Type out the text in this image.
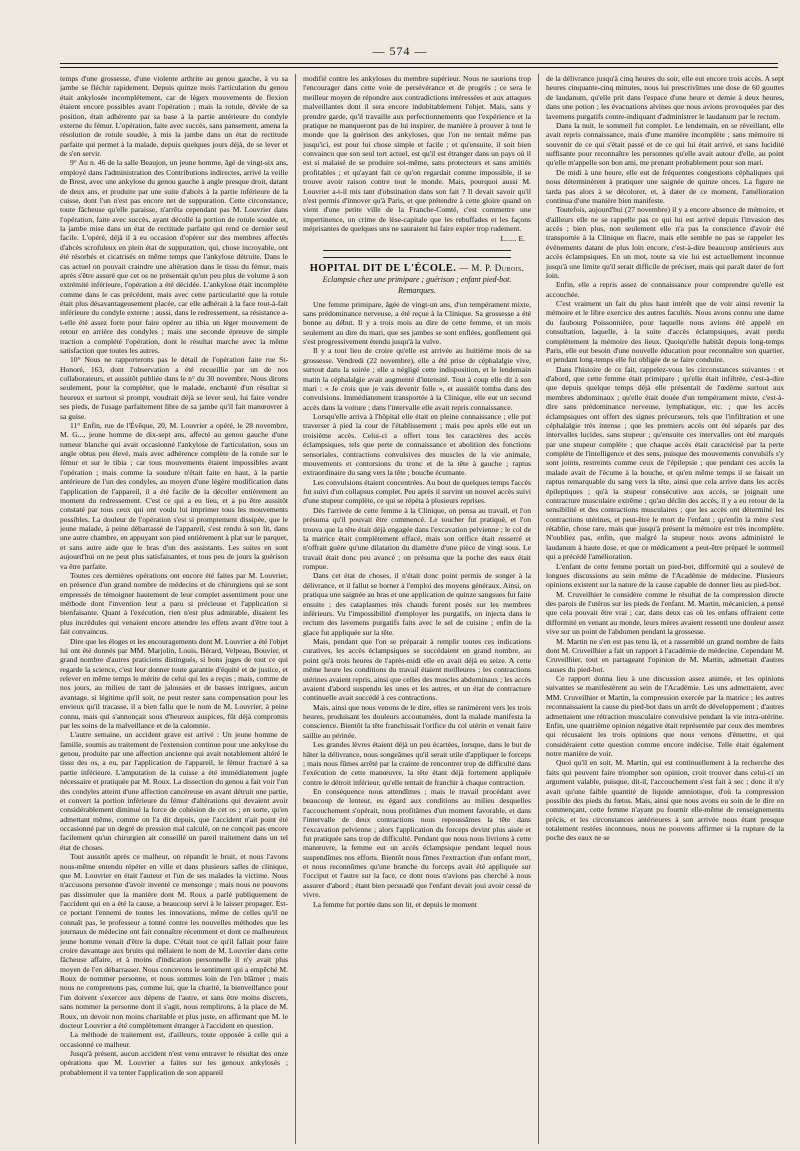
— 574 —

temps d'une grossesse, d'une violente arthrite au genou gauche, à vu sa jambe se fléchir rapidement. Depuis quinze mois l'articulation du genou était ankylosée incomplétement, car de légers mouvements de flexion étaient encore possibles avant l'opération ; mais la rotule, déviée de sa position, était adhérente par sa base à la partie antérieure du condyle externe du fémur. L'opération, faite avec succès, sans pansement, amena la résolution de rotule soudée, à mis la jambe dans un état de rectitude parfaite qui permet à la malade, depuis quelques jours déjà, de se lever et de s'en servir.

9° Au n. 46 de la salle Beaujon, un jeune homme, âgé de vingt-six ans, employé dans l'administration des Contributions indirectes, arrivé la veille de Brest, avec une ankylose du genou gauche à angle presque droit, datant de deux ans, et produite par une suite d'abcès à la partie inférieure de la cuisse, dont l'un n'est pas encore net de suppuration. Cette circonstance, toute fâcheuse qu'elle paraisse, n'arrêta cependant pas M. Louvrier dans l'opération, faite avec succès, ayant décollé la portion de rotule soudée et, la jambe mise dans un état de rectitude parfaite qui rend ce dernier seul facile. L'opéré, déjà il à eu occasion d'opérer sur des membres affectés d'abcès scrofuleux en plein état de suppuration, qui, chose incroyable, ont été résorbés et cicatrisés en même temps que l'ankylose détruite. Dans le cas actuel on pouvait craindre une altération dans le tissu du fémur, mais après s'être assuré que cet os ne présentait qu'un peu plus de volume à son extrémité inférieure, l'opération a été décidée. L'ankylose était incomplète comme dans le cas précédent, mais avec cette particularité que la rotule était plus désavantageusement placée, car elle adhérait à la face tout-à-fait inférieure du condyle externe : aussi, dans le redressement, sa résistance a-t-elle été assez forte pour faire opérer au tibia un léger mouvement de retour en arrière des condyles ; mais une seconde épreuve de simple traction a complété l'opération, dont le résultat marche avec la même satisfaction que toutes les autres.

10° Nous ne rapporterons pas le détail de l'opération faite rue St-Honoré, 163, dont l'observation a été recueillie par un de nos collaborateurs, et aussitôt publiée dans le n° du 30 novembre. Nous dirons seulement, pour la compléter, que le malade, enchanté d'un résultat si heureux et surtout si prompt, voudrait déjà se lever seul, lui faire vendre ses pieds, de l'usage parfaitement libre de sa jambe qu'il fait manœuvrer à sa guise.

11° Enfin, rue de l'Évêque, 20, M. Louvrier a opéré, le 28 novembre, M. G..., jeune homme de dix-sept ans, affecté au genou gauche d'une tumeur blanche qui avait occasionné l'ankylose de l'articulation, sous un angle obtus peu élevé, mais avec adhérence complète de la rotule sur le fémur et sur le tibia ; car tous mouvements étaient impossibles avant l'opération ; mais comme la soudure n'était faite en haut, à la partie antérieure de l'un des condyles, au moyen d'une légère modification dans l'application de l'appareil, il a été facile de la décoller entièrement au moment du redressement. C'est ce qui a eu lieu, et a pu être aussitôt constaté par tous ceux qui ont voulu lui imprimer tous les mouvements possibles. La douleur de l'opération s'est si promptement dissipée, que le jeune malade, à peine débarrassé de l'appareil, s'est rendu à son lit, dans une autre chambre, en appuyant son pied entièrement à plat sur le parquet, et sans autre aide que le bras d'un des assistants. Les suites en sont aujourd'hui on ne peut plus satisfaisantes, et tous peu de jours la guérison va être parfaite.

Toutes ces dernières opérations ont encore été faites par M. Louvrier, en présence d'un grand nombre de médecins et de chirurgiens qui se sont empressés de témoigner hautement de leur complet assentiment pour une méthode dont l'invention leur a paru si précieuse et l'application si bienfaisante. Quant à l'exécution, rien n'est plus admirable, disaient les plus incrédules qui venaient encore attendre les effets avant d'être tout à fait convaincus.

Dire que les éloges et les encouragements dont M. Louvrier a été l'objet lui ont été donnés par MM. Marjolin, Louis, Bérard, Velpeau, Bouvier, et grand nombre d'autres praticiens distingués, si bons juges de tout ce qui regarde la science, c'est leur donner toute garantie d'équité et de justice, et relever en même temps le mérite de celui qui les a reçus ; mais, comme de nos jours, au milieu de tant de jalousies et de basses intrigues, aucun avantage, si légitime qu'il soit, ne peut rester sans compensation pour les envieux qu'il tracasse, il a bien fallu que le nom de M. Louvrier, à peine connu, mais qui s'annonçait sous d'heureux auspices, fût déjà compromis par les soins de la malveillance et de la calomnie.

L'autre semaine, un accident grave est arrivé : Un jeune homme de famille, soumis au traitement de l'extension continue pour une ankylose du genou, produite par une affection ancienne qui avait notablement altéré le tissu des os, a eu, par l'application de l'appareil, le fémur fracturé à sa partie inférieure. L'amputation de la cuisse a été immédiatement jugée nécessaire et pratiquée par M. Roux. La dissection du genou a fait voir l'un des condyles atteint d'une affection cancéreuse en avant détruit une partie, et convert la portion inférieure du fémur d'altérations qui devaient avoir considérablement diminué la force de cohésion de cet os ; en sorte, qu'en admettant même, comme on l'a dit depuis, que l'accident n'ait point été occasionné par un degré de pression mal calculé, on ne conçoit pas encore facilement qu'un chirurgien ait conseillé un pareil traitement dans un tel état de choses.

Tout aussitôt après ce malheur, on répandit le bruit, et nous l'avons nous-même entendu répéter en ville et dans plusieurs salles de clinique, que M. Louvrier en était l'auteur et l'un de ses malades la victime. Nous n'accusons personne d'avoir inventé ce mensonge ; mais nous ne pouvons pas dissimuler que la manière dont M. Roux a parlé publiquement de l'accident qui en a été la cause, a beaucoup servi à le laisser propager. Est-ce portant l'ennemi de toutes les innovations, même de celles qu'il ne connaît pas, le professeur a tonné contre les nouvelles méthodes que les journaux de médecine ont fait connaître récemment et dont ce malheureux jeune homme venait d'être la dupe. C'était tout ce qu'il fallait pour faire croire davantage aux bruits qui mêlaient le nom de M. Louvrier dans cette fâcheuse affaire, et à moins d'indication personnelle il n'y avait plus moyen de l'en débarrasser. Nous concevons le sentiment qui a empêché M. Roux de nommer personne, et nous sommes loin de l'en blâmer ; mais nous ne comprenons pas, comme lui, que la charité, la bienveillance pour l'un doivent s'exercer aux dépens de l'autre, et sans être moins discrets, sans nommer la personne dont il s'agit, nous remplirons, à la place de M. Roux, un devoir non moins charitable et plus juste, en affirmant que M. le docteur Louvrier a été complètement étranger à l'accident en question.

La méthode de traitement est, d'ailleurs, toute opposée à celle qui a occasionné ce malheur.

Jusqu'à présent, aucun accident n'est venu entraver le résultat des onze opérations que M. Louvrier a faites sur les genoux ankylosés ; probablement il va tenter l'application de son appareil

modifié contre les ankyloses du membre supérieur. Nous ne saurions trop l'encourager dans cette voie de persévérance et de progrès ; ce sera le meilleur moyen de répondre aux contradictions intéressées et aux attaques malveillantes dont il sera encore indubitablement l'objet. Mais, sans y prendre garde, qu'il travaille aux perfectionnements que l'expérience et la pratique ne manqueront pas de lui inspirer, de manière à prouver à tout le monde que la guérison des ankyloses, que l'on ne tentait même pas jusqu'ici, est pour lui chose simple et facile ; et qu'ensuite, il soit bien convaincu que son seul tort actuel, est qu'il est étranger dans un pays où il est si malaisé de se produire soi-même, sans protecteurs et sans amitiés profitables ; et qu'ayant fait ce qu'on regardait comme impossible, il se trouve avoir raison contre tout le monde. Mais, pourquoi aussi M. Louvrier a-t-il mis tant d'obstination dans son fait ? Il devait savoir qu'il n'est permis d'innover qu'à Paris, et que prétendre à cette gloire quand on vient d'une petite ville de la Franche-Comté, c'est commettre une impertinence, un crime de lèse-capitale que les rebuffades et les façons méprisantes de quelques uns ne sauraient lui faire expier trop rudement.

L...... E.
HOPITAL DIT DE L'ÉCOLE. — M. P. Dubois.
Eclampsie chez une primipare ; guérison ; enfant pied-bot.
Remarques.

Une femme primipare, âgée de vingt-un ans, d'un tempérament mixte, sans prédominance nerveuse, a été reçue à la Clinique. Sa grossesse a été bonne au début. Il y a trois mois au dire de cette femme, et un mois seulement au dire du mari, que ses jambes se sont enflées, gonflement qui s'est progressivement étendu jusqu'à la vulve.

Il y a tout lieu de croire qu'elle est arrivée au huitième mois de sa grossesse. Vendredi (22 novembre), elle a été prise de céphalalgie vive, surtout dans la soirée ; elle a négligé cette indisposition, et le lendemain matin la céphalalgie avait augmenté d'intensité. Tout à coup elle dit à son mari : « Je crois que je vais devenir folle », et aussitôt tomba dans des convulsions. Immédiatement transportée à la Clinique, elle eut un second accès dans la voiture ; dans l'intervalle elle avait repris connaissance.

Lorsqu'elle arriva à l'hôpital elle était en pleine connaissance ; elle put traverser à pied la cour de l'établissement ; mais peu après elle eut un troisième accès. Celui-ci a offert tous les caractères des accès éclampsiques, tels que perte de connaissance et abolition des fonctions sensoriales, contractions convulsives des muscles de la vie animale, mouvements et contorsions du tronc et de la tête à gauche ; raptus extraordinaire du sang vers la tête ; bouche écumante.

Les convulsions étaient concentrées. Au bout de quelques temps l'accès fut suivi d'un collapsus complet. Peu après il survint un nouvel accès suivi d'une stupeur complète, ce qui se répéta à plusieurs reprises.

Dès l'arrivée de cette femme à la Clinique, on pensa au travail, et l'on présuma qu'il pouvait être commencé. Le toucher fut pratiqué, et l'on trouva que la tête était déjà engagée dans l'excavation pelvienne ; le col de la matrice était complètement effacé, mais son orifice était resserré et n'offrait guère qu'une dilatation du diamètre d'une pièce de vingt sous. Le travail était donc peu avancé ; on présuma que la poche des eaux était rompue.

Dans cet état de choses, il n'était donc point permis de songer à la délivrance, et il fallut se borner à l'emploi des moyens généraux. Ainsi, on pratiqua une saignée au bras et une application de quinze sangsues fut faite ensuite ; des cataplasmes très chauds furent posés sur les membres inférieurs. Vu l'impossibilité d'employer les purgatifs, on injecta dans le rectum des lavemens purgatifs faits avec le sel de cuisine ; enfin de la glace fut appliquée sur la tête.

Mais, pendant que l'on se préparait à remplir toutes ces indications curatives, les accès éclampsiques se succédaient en grand nombre, au point qu'à trois heures de l'après-midi elle en avait déjà eu seize. A cette même heure les conditions du travail étaient meilleures ; les contractions utérines avaient repris, ainsi que celles des muscles abdominaux ; les accès avaient d'abord suspendu les unes et les autres, et un état de contracture continuelle avait succédé à ces contractions.

Mais, ainsi que nous venons de le dire, elles se ranimèrent vers les trois heures, produisant les douleurs accoutumées, dont la malade manifesta la conscience. Bientôt la tête franchissait l'orifice du col utérin et venait faire saillie au périnée.

Les grandes lèvres étaient déjà un peu écartées, lorsque, dans le but de hâter la délivrance, nous songeâmes qu'il serait utile d'appliquer le forceps ; mais nous fûmes arrêté par la crainte de rencontrer trop de difficulté dans l'exécution de cette manœuvre, la tête étant déjà fortement appliquée contre le détroit inférieur, qu'elle tentait de franchir à chaque contraction.

En conséquence nous attendîmes ; mais le travail procédant avec beaucoup de lenteur, eu égard aux conditions au milieu desquelles l'accouchement s'opérait, nous profitâmes d'un moment favorable, et dans l'intervalle de deux contractions nous repoussâmes la tête dans l'excavation pelvienne ; alors l'application du forceps devint plus aisée et fut pratiquée sans trop de difficulté. Pendant que nous nous livrions à cette manœuvre, la femme eut un accès éclampsique pendant lequel nous suspendîmes nos efforts. Bientôt nous fîmes l'extraction d'un enfant mort, et nous reconnûmes qu'une branche du forceps avait été appliquée sur l'occiput et l'autre sur la face, ce dont nous n'avions pas cherché à nous assurer d'abord ; étant bien persuadé que l'enfant devait joui avoir cessé de vivre.

La femme fut portée dans son lit, et depuis le moment

de la délivrance jusqu'à cinq heures du soir, elle eut encore trois accès. A sept heures cinquante-cinq minutes, nous lui prescrivîmes une dose de 60 gouttes de laudanum, qu'elle prit dans l'espace d'une heure et demie à deux heures, dans une potion ; les évacuations alvines que nous avions provoquées par des lavemens purgatifs contre-indiquant d'administrer le laudanum par le rectum.

Dans la nuit, le sommeil fut complet. Le lendemain, en se réveillant, elle avait repris connaissance, mais d'une manière incomplète ; sans mémoire ni souvenir de ce qui s'était passé et de ce qui lui était arrivé, et sans lucidité suffisante pour reconnaître les personnes qu'elle avait autour d'elle, au point qu'elle m'appelle son bon ami, me prenant probablement pour son mari.

De midi à une heure, elle eut de fréquentes congestions céphaliques qui nous déterminèrent à pratiquer une saignée de quinze onces. La figure ne tarda pas alors à se décolorer, et, à dater de ce moment, l'amélioration continua d'une manière bien manifeste.

Toutefois, aujourd'hui (27 novembre) il y a encore absence de mémoire, et d'ailleurs elle ne se rappelle pas ce qui lui est arrivé depuis l'invasion des accès ; bien plus, non seulement elle n'a pas la conscience d'avoir été transportée à la Clinique en fiacre, mais elle semble ne pas se rappeler les événements datant de plus loin encore, c'est-à-dire beaucoup antérieurs aux accès éclampsiques. En un mot, toute sa vie lui est actuellement inconnue jusqu'à une limite qu'il serait difficile de préciser, mais qui paraît dater de fort loin.

Enfin, elle a repris assez de connaissance pour comprendre qu'elle est accouchée.

C'est vraiment un fait du plus haut intérêt que de voir ainsi revenir la mémoire et le libre exercice des autres facultés. Nous avons connu une dame du faubourg Poissonnière, pour laquelle nous avions été appelé en consultation, laquelle, à la suite d'accès éclampsiques, avait perdu complètement la mémoire des lieux. Quoiqu'elle habitât depuis long-temps Paris, elle eut besoin d'une nouvelle éducation pour reconnaître son quartier, et pendant long-temps elle fut obligée de se faire conduire.

Dans l'histoire de ce fait, rappelez-vous les circonstances suivantes : et d'abord, que cette femme était primipare ; qu'elle était infiltrée, c'est-à-dire que depuis quelque temps déjà elle présentait de l'œdème surtout aux membres abdominaux ; qu'elle était douée d'un tempérament mixte, c'est-à-dire sans prédominance nerveuse, lymphatique, etc. ; que les accès éclampsiques ont offert des signes précurseurs, tels que l'infiltration et une céphalalgie très intense ; que les premiers accès ont été séparés par des intervalles lucides, sans stupeur ; qu'ensuite ces intervalles ont été marqués par une stupeur complète ; que chaque accès était caractérisé par la perte complète de l'intelligence et des sens, puisque des mouvements convulsifs s'y sont joints, restreints comme ceux de l'épilepsie ; que pendant ces accès la malade avait de l'écume à la bouche, et qu'en même temps il se faisait un raptus remarquable du sang vers la tête, ainsi que cela arrive dans les accès épileptiques ; qu'à la stupeur consécutive aux accès, se joignait une contracture musculaire extrême ; qu'au déclin des accès, il y a eu retour de la sensibilité et des contractions musculaires ; que les accès ont déterminé les contractions utérines, et peut-être le mort de l'enfant ; qu'enfin la mère s'est rétablie, chose rare, mais que jusqu'à présent la mémoire est très incomplète. N'oubliez pas, enfin, que malgré la stupeur nous avons administré le laudanum à haute dose, et que ce médicament a peut-être préparé le sommeil qui a précédé l'amélioration.

L'enfant de cette femme portait un pied-bot, difformité qui a soulevé de longues discussions au sein même de l'Académie de médecine. Plusieurs opinions existent sur la nature de la cause capable de donner lieu au pied-bot.

M. Cruveilhier le considère comme le résultat de la compression directe des parois de l'utérus sur les pieds de l'enfant. M. Martin, mécanicien, a pensé que cela pouvait être vrai ; car, dans deux cas où les enfans offraient cette difformité en venant au monde, leurs mères avaient ressenti une douleur assez vive sur un point de l'abdomen pendant la grossesse.

M. Martin ne s'en est pas tenu là, et a rassemblé un grand nombre de faits dont M. Cruveilhier a fait un rapport à l'académie de médecine. Cependant M. Cruveilhier, tout en partageant l'opinion de M. Martin, admettait d'autres causes du pied-bot.

Ce rapport donna lieu à une discussion assez animée, et les opinions suivantes se manifestèrent au sein de l'Académie. Les uns admettaient, avec MM. Cruveilhier et Martin, la compression exercée par la matrice ; les autres reconnaissaient la cause du pied-bot dans un arrêt de développement ; d'autres admettaient une rétraction musculaire convulsive pendant la vie intra-utérine. Enfin, une quatrième opinion négative était représentée par ceux des membres qui récusaient les trois opinions que nous venons d'émettre, et qui considéraient cette question comme encore indécise. Telle était également notre manière de voir.

Quoi qu'il en soit, M. Martin, qui est continuellement à la recherche des faits qui peuvent faire triompher son opinion, croit trouver dans celui-ci un argument valable, puisque, dit-il, l'accouchement s'est fait à sec ; donc il n'y avait qu'une faible quantité de liquide amniotique, d'où la compression possible des pieds du fœtus. Mais, ainsi que nous avons eu soin de le dire en commençant, cette femme n'ayant pu fournir elle-même de renseignements précis, et les circonstances antérieures à son arrivée nous étant presque totalement restées inconnues, nous ne pouvons affirmer si la rupture de la poche des eaux ne se
